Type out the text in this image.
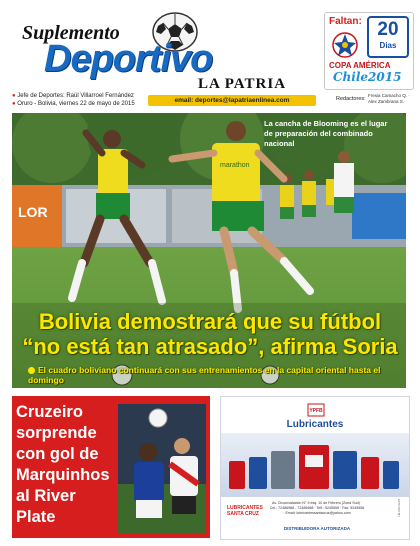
Suplemento
Deportivo
LA PATRIA
Faltan: 20
Dias
COPA AMÉRICA
Chile2015
● Jefe de Deportes: Raúl Villarroel Fernández
● Oruro - Bolivia, viernes 22 de mayo de 2015	email: deportes@lapatriaenlinea.com	Redactores:
Fresia Camacho Q. · Alex Zambrana S.
LOR
marathon
La cancha de Blooming es el lugar de preparación del combinado nacional
Bolivia demostrará que su fútbol
“no está tan atrasado”, afirma Soria
El cuadro boliviano continuará con sus entrenamientos en la capital oriental hasta el domingo
Cruzeiro sorprende con gol de Marquinhos al River Plate
YPFB
Lubricantes
LUBRICANTES
SANTA CRUZ
Av. Circunvalación N° 9 esq. 10 de Febrero (Zona Sud) · Cel.: 72486988 - 72486988 · Telf.: 5245555 · Fax: 5245556 · Email: lubricantessantacruz@yahoo.com
DISTRIBUIDORA AUTORIZADA
LM-003-0215
